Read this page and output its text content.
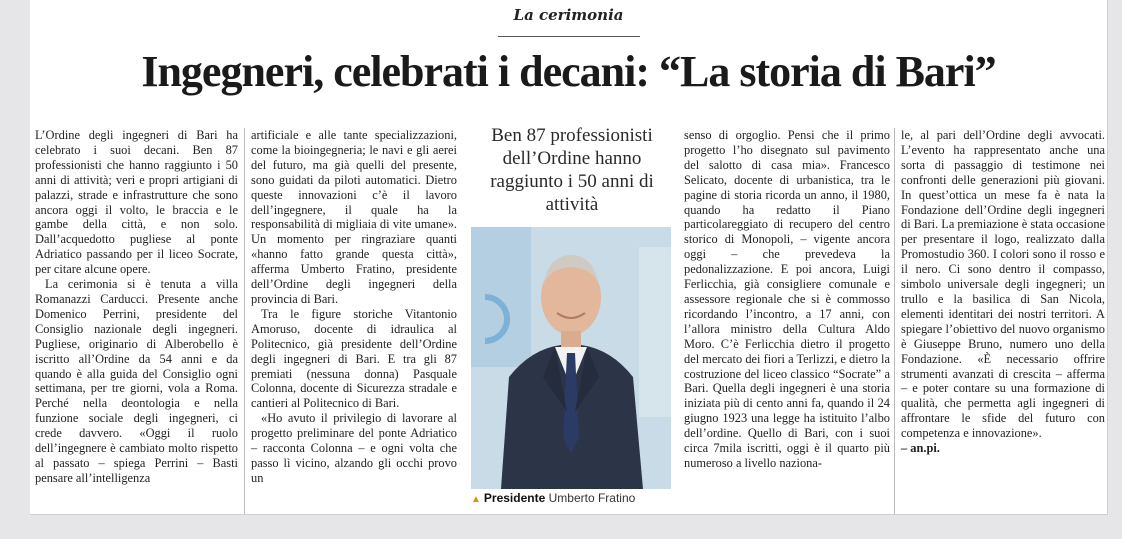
La cerimonia
Ingegneri, celebrati i decani: “La storia di Bari”

L’Ordine degli ingegneri di Bari ha celebrato i suoi decani. Ben 87 professionisti che hanno raggiunto i 50 anni di attività; veri e propri artigiani di palazzi, strade e infrastrutture che sono ancora oggi il volto, le braccia e le gambe della città, e non solo. Dall’acquedotto pugliese al ponte Adriatico passando per il liceo Socrate, per citare alcune opere.

La cerimonia si è tenuta a villa Romanazzi Carducci. Presente anche Domenico Perrini, presidente del Consiglio nazionale degli ingegneri. Pugliese, originario di Alberobello è iscritto all’Ordine da 54 anni e da quando è alla guida del Consiglio ogni settimana, per tre giorni, vola a Roma. Perché nella deontologia e nella funzione sociale degli ingegneri, ci crede davvero. «Oggi il ruolo dell’ingegnere è cambiato molto rispetto al passato – spiega Perrini – Basti pensare all’intelligenza

artificiale e alle tante specializzazioni, come la bioingegneria; le navi e gli aerei del futuro, ma già quelli del presente, sono guidati da piloti automatici. Dietro queste innovazioni c’è il lavoro dell’ingegnere, il quale ha la responsabilità di migliaia di vite umane». Un momento per ringraziare quanti «hanno fatto grande questa città», afferma Umberto Fratino, presidente dell’Ordine degli ingegneri della provincia di Bari.

Tra le figure storiche Vitantonio Amoruso, docente di idraulica al Politecnico, già presidente dell’Ordine degli ingegneri di Bari. E tra gli 87 premiati (nessuna donna) Pasquale Colonna, docente di Sicurezza stradale e cantieri al Politecnico di Bari.

«Ho avuto il privilegio di lavorare al progetto preliminare del ponte Adriatico – racconta Colonna – e ogni volta che passo lì vicino, alzando gli occhi provo un

Ben 87 professionisti dell’Ordine hanno raggiunto i 50 anni di attività
▲ Presidente Umberto Fratino

senso di orgoglio. Pensi che il primo progetto l’ho disegnato sul pavimento del salotto di casa mia». Francesco Selicato, docente di urbanistica, tra le pagine di storia ricorda un anno, il 1980, quando ha redatto il Piano particolareggiato di recupero del centro storico di Monopoli, – vigente ancora oggi – che prevedeva la pedonalizzazione. E poi ancora, Luigi Ferlicchia, già consigliere comunale e assessore regionale che si è commosso ricordando l’incontro, a 17 anni, con l’allora ministro della Cultura Aldo Moro. C’è Ferlicchia dietro il progetto del mercato dei fiori a Terlizzi, e dietro la costruzione del liceo classico “Socrate” a Bari. Quella degli ingegneri è una storia iniziata più di cento anni fa, quando il 24 giugno 1923 una legge ha istituito l’albo dell’ordine. Quello di Bari, con i suoi circa 7mila iscritti, oggi è il quarto più numeroso a livello naziona-

le, al pari dell’Ordine degli avvocati. L’evento ha rappresentato anche una sorta di passaggio di testimone nei confronti delle generazioni più giovani. In quest’ottica un mese fa è nata la Fondazione dell’Ordine degli ingegneri di Bari. La premiazione è stata occasione per presentare il logo, realizzato dalla Promostudio 360. I colori sono il rosso e il nero. Ci sono dentro il compasso, simbolo universale degli ingegneri; un trullo e la basilica di San Nicola, elementi identitari dei nostri territori. A spiegare l’obiettivo del nuovo organismo è Giuseppe Bruno, numero uno della Fondazione. «È necessario offrire strumenti avanzati di crescita – afferma – e poter contare su una formazione di qualità, che permetta agli ingegneri di affrontare le sfide del futuro con competenza e innovazione».

– an.pi.
